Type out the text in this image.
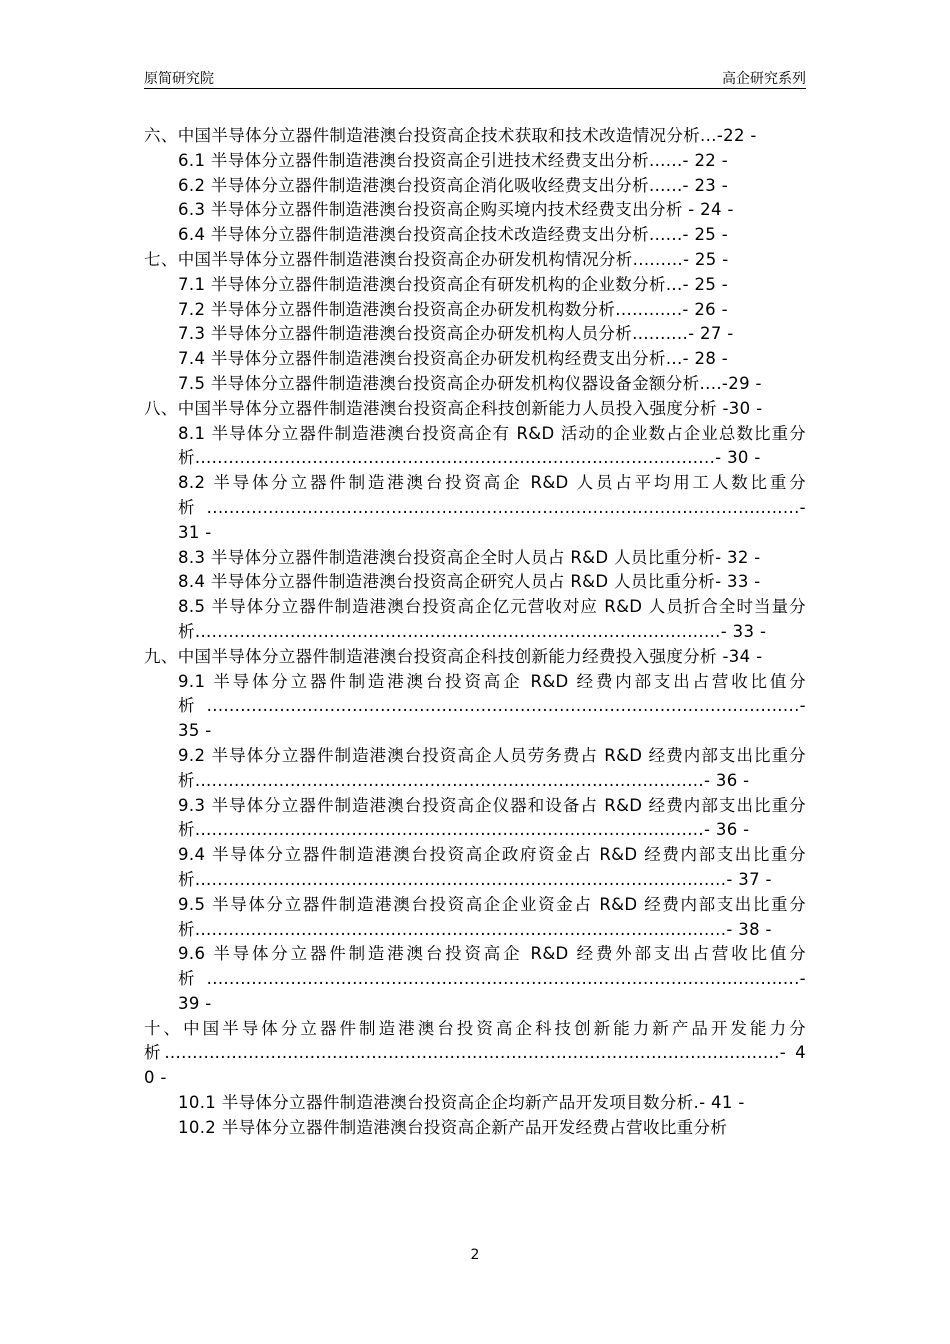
原简研究院	高企研究系列
六、中国半导体分立器件制造港澳台投资高企技术获取和技术改造情况分析...-22 -
6.1 半导体分立器件制造港澳台投资高企引进技术经费支出分析......- 22 -
6.2 半导体分立器件制造港澳台投资高企消化吸收经费支出分析......- 23 -
6.3 半导体分立器件制造港澳台投资高企购买境内技术经费支出分析 - 24 -
6.4 半导体分立器件制造港澳台投资高企技术改造经费支出分析......- 25 -
七、中国半导体分立器件制造港澳台投资高企办研发机构情况分析.........- 25 -
7.1 半导体分立器件制造港澳台投资高企有研发机构的企业数分析...- 25 -
7.2 半导体分立器件制造港澳台投资高企办研发机构数分析............- 26 -
7.3 半导体分立器件制造港澳台投资高企办研发机构人员分析..........- 27 -
7.4 半导体分立器件制造港澳台投资高企办研发机构经费支出分析...- 28 -
7.5 半导体分立器件制造港澳台投资高企办研发机构仪器设备金额分析....-29 -
八、中国半导体分立器件制造港澳台投资高企科技创新能力人员投入强度分析 -30 -
8.1 半导体分立器件制造港澳台投资高企有 R&D 活动的企业数占企业总数比重分析.............................................................................................- 30 -
8.2 半导体分立器件制造港澳台投资高企 R&D 人员占平均用工人数比重分析..........................................................................................................- 31 -
8.3 半导体分立器件制造港澳台投资高企全时人员占 R&D 人员比重分析- 32 -
8.4 半导体分立器件制造港澳台投资高企研究人员占 R&D 人员比重分析- 33 -
8.5 半导体分立器件制造港澳台投资高企亿元营收对应 R&D 人员折合全时当量分析..............................................................................................- 33 -
九、中国半导体分立器件制造港澳台投资高企科技创新能力经费投入强度分析 -34 -
9.1 半导体分立器件制造港澳台投资高企 R&D 经费内部支出占营收比值分析..........................................................................................................- 35 -
9.2 半导体分立器件制造港澳台投资高企人员劳务费占 R&D 经费内部支出比重分析...........................................................................................- 36 -
9.3 半导体分立器件制造港澳台投资高企仪器和设备占 R&D 经费内部支出比重分析...........................................................................................- 36 -
9.4 半导体分立器件制造港澳台投资高企政府资金占 R&D 经费内部支出比重分析...............................................................................................- 37 -
9.5 半导体分立器件制造港澳台投资高企企业资金占 R&D 经费内部支出比重分析...............................................................................................- 38 -
9.6 半导体分立器件制造港澳台投资高企 R&D 经费外部支出占营收比值分析..........................................................................................................- 39 -
十、中国半导体分立器件制造港澳台投资高企科技创新能力新产品开发能力分析..............................................................................................................- 40 -
10.1 半导体分立器件制造港澳台投资高企企均新产品开发项目数分析.- 41 -
10.2 半导体分立器件制造港澳台投资高企新产品开发经费占营收比重分析
2
